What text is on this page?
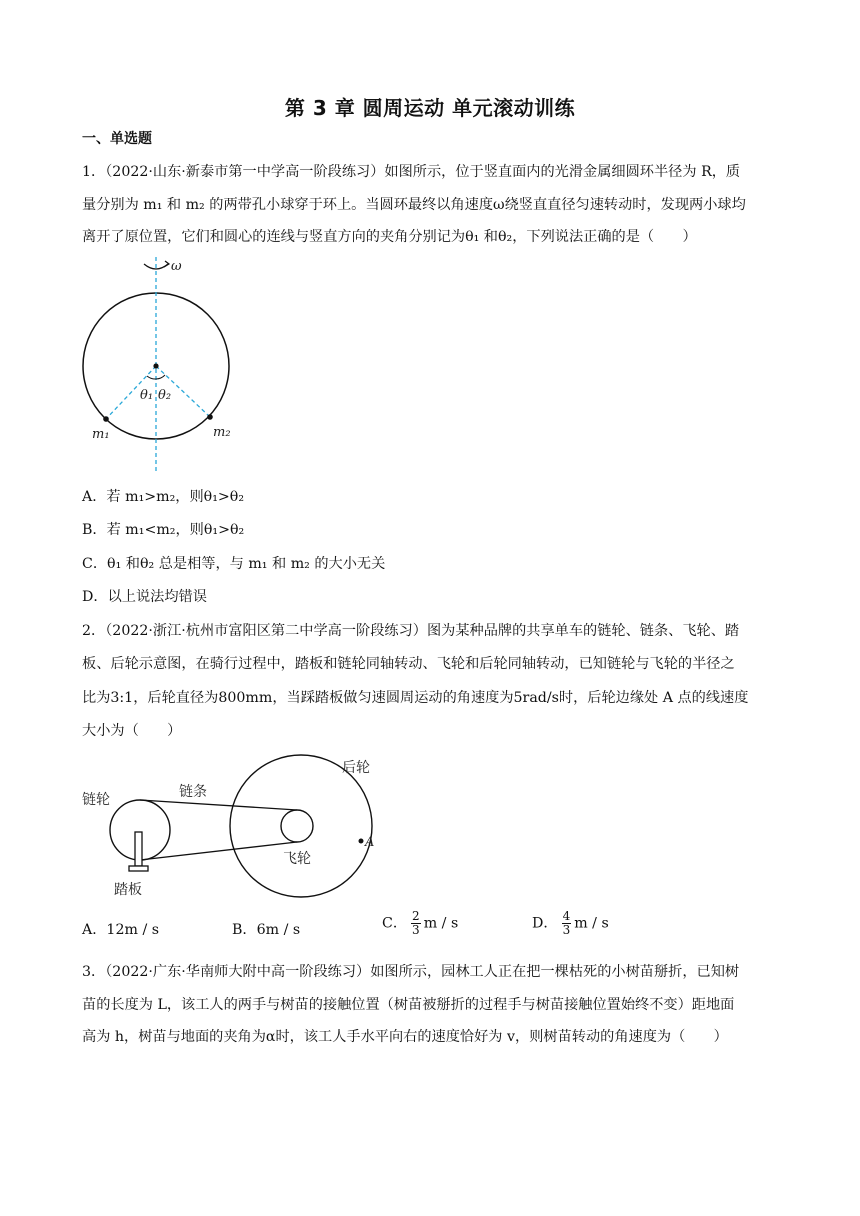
第 3 章 圆周运动 单元滚动训练
一、单选题
1．（2022·山东·新泰市第一中学高一阶段练习）如图所示，位于竖直面内的光滑金属细圆环半径为 R，质
量分别为 m₁ 和 m₂ 的两带孔小球穿于环上。当圆环最终以角速度ω绕竖直直径匀速转动时，发现两小球均
离开了原位置，它们和圆心的连线与竖直方向的夹角分别记为θ₁ 和θ₂，下列说法正确的是（　　）
ω
θ₁ θ₂
m₁	m₂
A．若 m₁>m₂，则θ₁>θ₂
B．若 m₁<m₂，则θ₁>θ₂
C．θ₁ 和θ₂ 总是相等，与 m₁ 和 m₂ 的大小无关
D．以上说法均错误
2．（2022·浙江·杭州市富阳区第二中学高一阶段练习）图为某种品牌的共享单车的链轮、链条、飞轮、踏
板、后轮示意图，在骑行过程中，踏板和链轮同轴转动、飞轮和后轮同轴转动，已知链轮与飞轮的半径之
比为3:1，后轮直径为800mm，当踩踏板做匀速圆周运动的角速度为5rad/s时，后轮边缘处 A 点的线速度
大小为（　　）
链轮	链条
后轮
飞轮
踏板
A
A．12m / s	B．6m / s	C． $\frac{2}{3}$ m / s	D． $\frac{4}{3}$ m / s
3．（2022·广东·华南师大附中高一阶段练习）如图所示，园林工人正在把一棵枯死的小树苗掰折，已知树
苗的长度为 L，该工人的两手与树苗的接触位置（树苗被掰折的过程手与树苗接触位置始终不变）距地面
高为 h，树苗与地面的夹角为α时，该工人手水平向右的速度恰好为 v，则树苗转动的角速度为（　　）
